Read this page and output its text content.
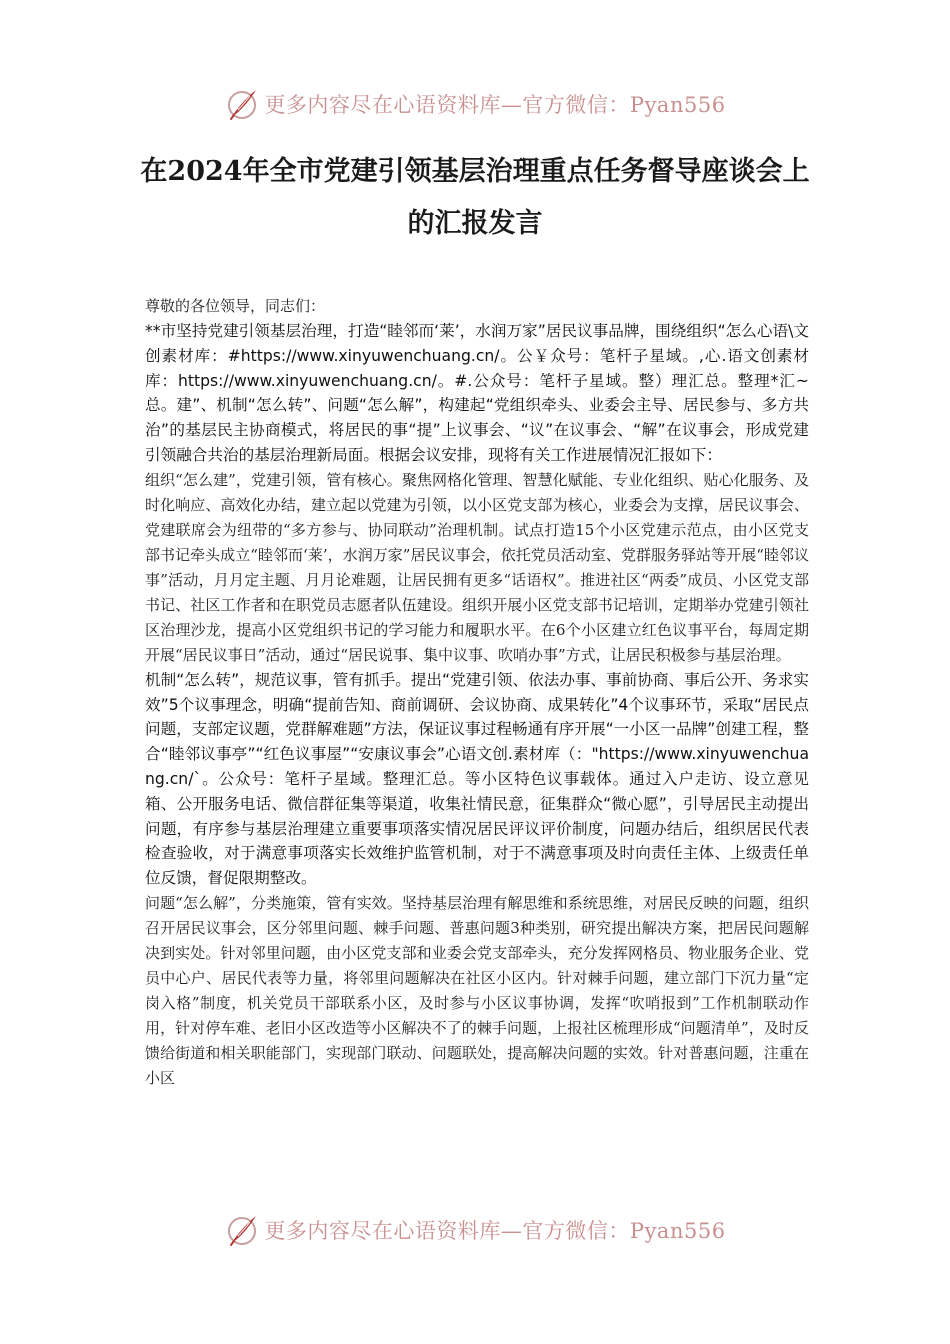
更多内容尽在心语资料库—官方微信：Pyan556
在2024年全市党建引领基层治理重点任务督导座谈会上的汇报发言

尊敬的各位领导，同志们：

**市坚持党建引领基层治理，打造“睦邻而‘莱’，水润万家”居民议事品牌，围绕组织“怎么心语\文创素材库：#https://www.xinyuwenchuang.cn/。公￥众号：笔杆子星域。,心.语文创素材库：https://www.xinyuwenchuang.cn/。#.公众号：笔杆子星域。整）理汇总。整理*汇~总。建”、机制“怎么转”、问题“怎么解”，构建起“党组织牵头、业委会主导、居民参与、多方共治”的基层民主协商模式，将居民的事“提”上议事会、“议”在议事会、“解”在议事会，形成党建引领融合共治的基层治理新局面。根据会议安排，现将有关工作进展情况汇报如下：

组织“怎么建”，党建引领，管有核心。聚焦网格化管理、智慧化赋能、专业化组织、贴心化服务、及时化响应、高效化办结，建立起以党建为引领，以小区党支部为核心，业委会为支撑，居民议事会、党建联席会为纽带的“多方参与、协同联动”治理机制。试点打造15个小区党建示范点，由小区党支部书记牵头成立“睦邻而‘莱’，水润万家”居民议事会，依托党员活动室、党群服务驿站等开展“睦邻议事”活动，月月定主题、月月论难题，让居民拥有更多“话语权”。推进社区“两委”成员、小区党支部书记、社区工作者和在职党员志愿者队伍建设。组织开展小区党支部书记培训，定期举办党建引领社区治理沙龙，提高小区党组织书记的学习能力和履职水平。在6个小区建立红色议事平台，每周定期开展“居民议事日”活动，通过“居民说事、集中议事、吹哨办事”方式，让居民积极参与基层治理。

机制“怎么转”，规范议事，管有抓手。提出“党建引领、依法办事、事前协商、事后公开、务求实效”5个议事理念，明确“提前告知、商前调研、会议协商、成果转化”4个议事环节，采取“居民点问题，支部定议题，党群解难题”方法，保证议事过程畅通有序开展“一小区一品牌”创建工程，整合“睦邻议事亭”“红色议事屋”“安康议事会”心语文创.素材库（："https://www.xinyuwenchuang.cn/`。公众号：笔杆子星域。整理汇总。等小区特色议事载体。通过入户走访、设立意见箱、公开服务电话、微信群征集等渠道，收集社情民意，征集群众“微心愿”，引导居民主动提出问题，有序参与基层治理建立重要事项落实情况居民评议评价制度，问题办结后，组织居民代表检查验收，对于满意事项落实长效维护监管机制，对于不满意事项及时向责任主体、上级责任单位反馈，督促限期整改。

问题“怎么解”，分类施策，管有实效。坚持基层治理有解思维和系统思维，对居民反映的问题，组织召开居民议事会，区分邻里问题、棘手问题、普惠问题3种类别，研究提出解决方案，把居民问题解决到实处。针对邻里问题，由小区党支部和业委会党支部牵头，充分发挥网格员、物业服务企业、党员中心户、居民代表等力量，将邻里问题解决在社区小区内。针对棘手问题，建立部门下沉力量“定岗入格”制度，机关党员干部联系小区，及时参与小区议事协调，发挥“吹哨报到”工作机制联动作用，针对停车难、老旧小区改造等小区解决不了的棘手问题，上报社区梳理形成“问题清单”，及时反馈给街道和相关职能部门，实现部门联动、问题联处，提高解决问题的实效。针对普惠问题，注重在小区

更多内容尽在心语资料库—官方微信：Pyan556
